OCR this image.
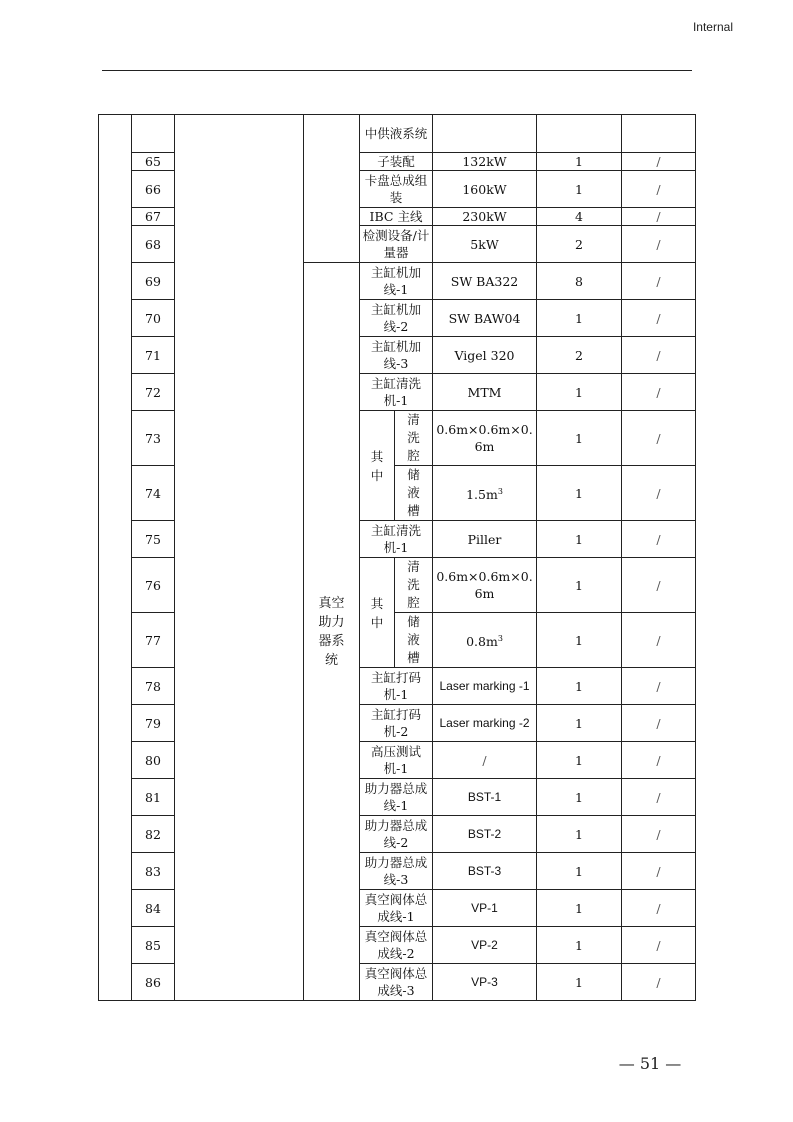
Internal
				中供液系统				
	65			子装配		132kW	1	/
	66			卡盘总成组装		160kW	1	/
	67			IBC 主线		230kW	4	/
	68			检测设备/计量器		5kW	2	/
	69		真空助力器系统	主缸机加线-1		SW BA322	8	/
	70			主缸机加线-2		SW BAW04	1	/
	71			主缸机加线-3		Vigel 320	2	/
	72			主缸清洗机-1		MTM	1	/
	73			其中	清洗腔	0.6m×0.6m×0.6m	1	/
	74				储液槽	$1.5m^3$	1	/
	75			主缸清洗机-1		Piller	1	/
	76			其中	清洗腔	0.6m×0.6m×0.6m	1	/
	77				储液槽	$0.8m^3$	1	/
	78			主缸打码机-1		Laser marking -1	1	/
	79			主缸打码机-2		Laser marking -2	1	/
	80			高压测试机-1		/	1	/
	81			助力器总成线-1		BST-1	1	/
	82			助力器总成线-2		BST-2	1	/
	83			助力器总成线-3		BST-3	1	/
	84			真空阀体总成线-1		VP-1	1	/
	85			真空阀体总成线-2		VP-2	1	/
	86			真空阀体总成线-3		VP-3	1	/
— 51 —
